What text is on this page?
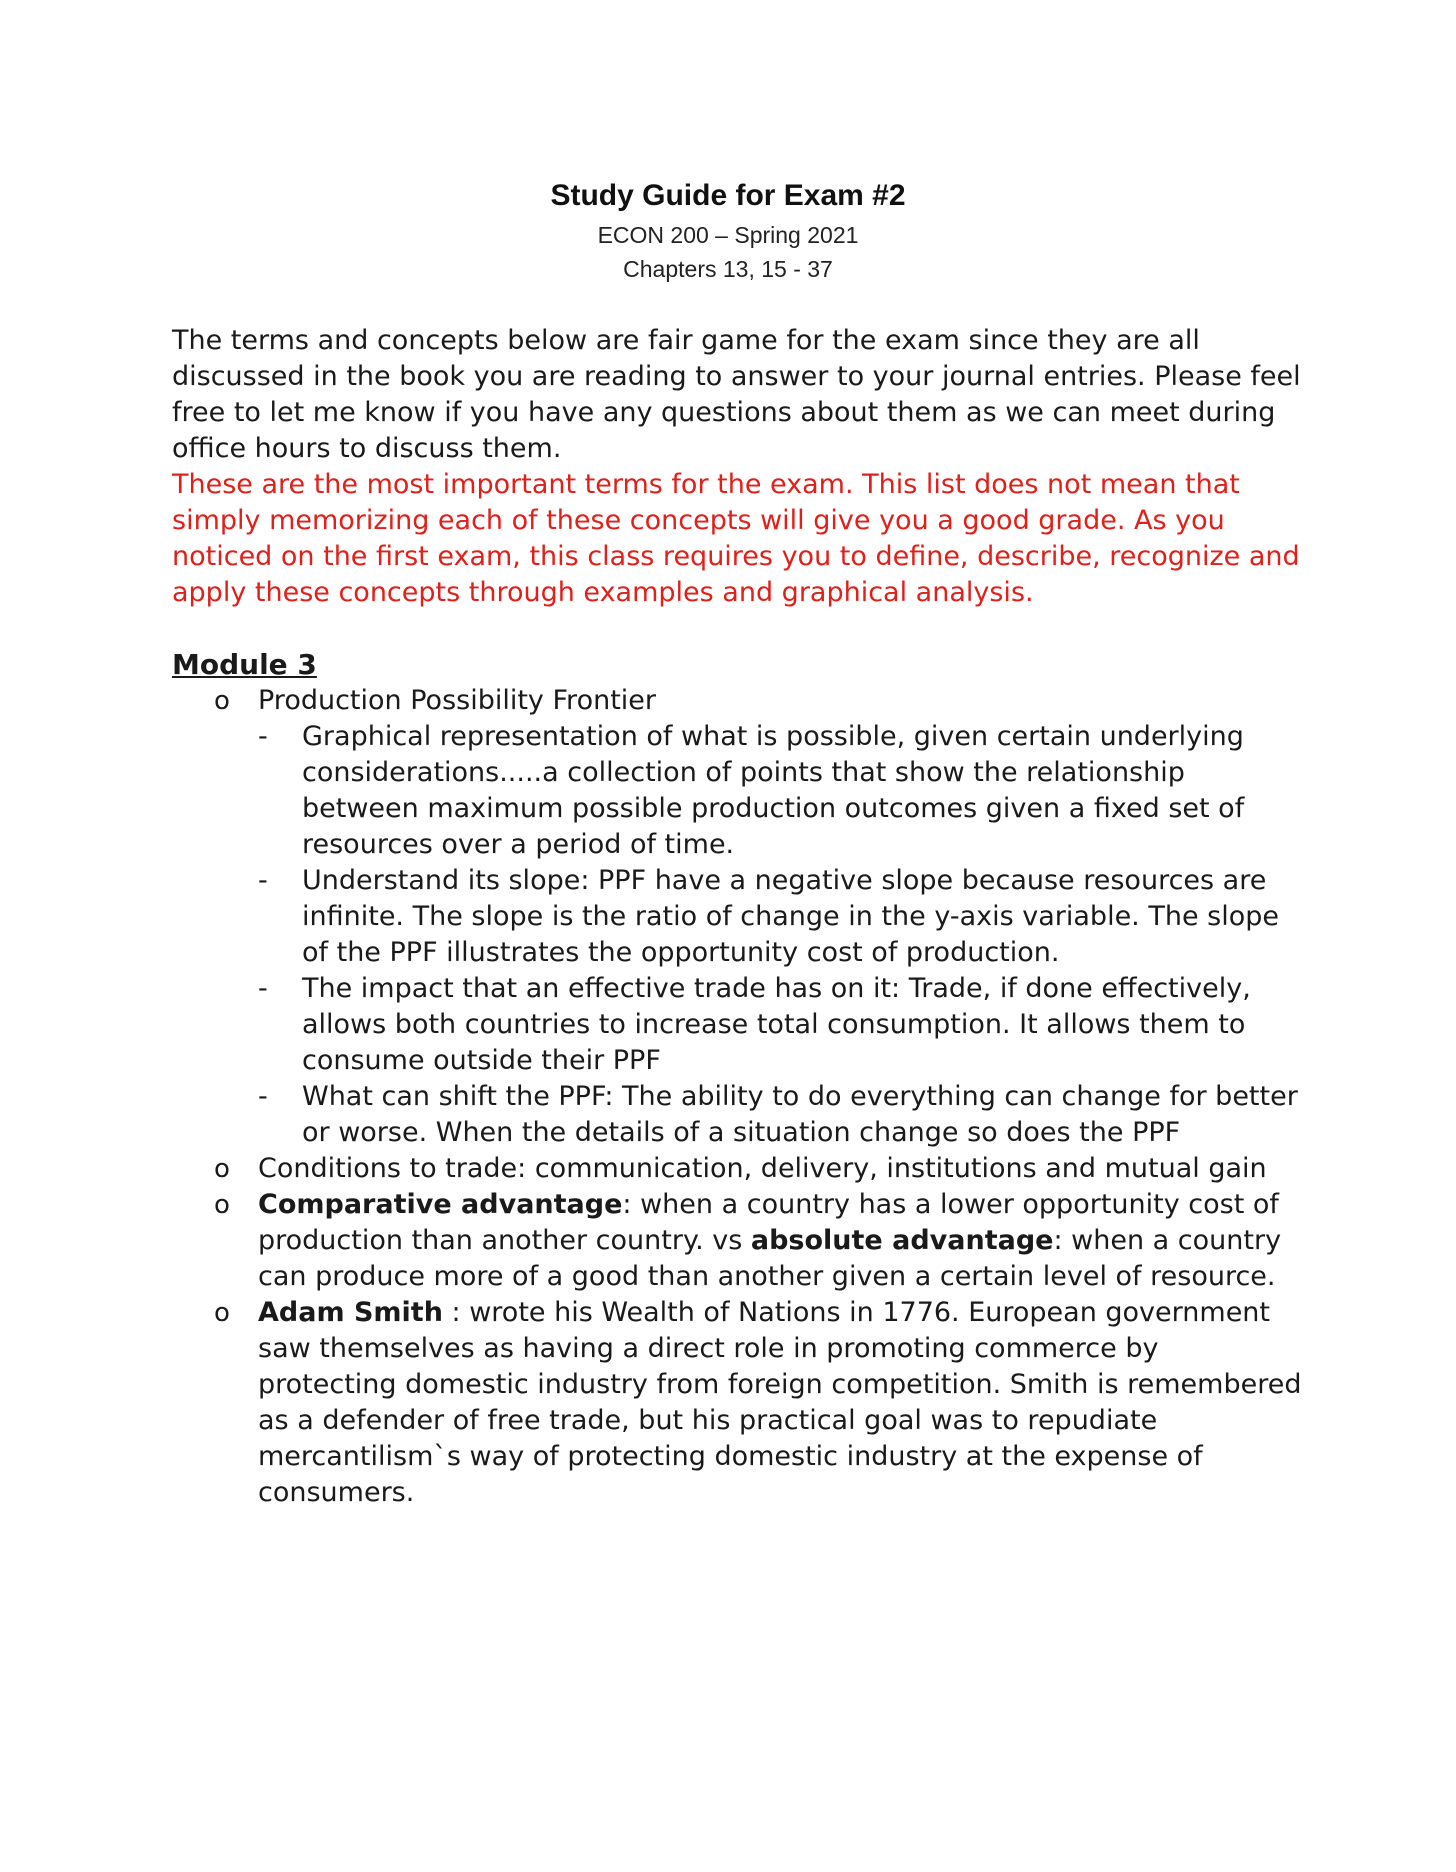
Study Guide for Exam #2
ECON 200 – Spring 2021
Chapters 13, 15 - 37

The terms and concepts below are fair game for the exam since they are all discussed in the book you are reading to answer to your journal entries. Please feel free to let me know if you have any questions about them as we can meet during office hours to discuss them.

These are the most important terms for the exam. This list does not mean that simply memorizing each of these concepts will give you a good grade. As you noticed on the first exam, this class requires you to define, describe, recognize and apply these concepts through examples and graphical analysis.

Module 3
o Production Possibility Frontier
- Graphical representation of what is possible, given certain underlying considerations.....a collection of points that show the relationship between maximum possible production outcomes given a fixed set of resources over a period of time.
- Understand its slope: PPF have a negative slope because resources are infinite. The slope is the ratio of change in the y-axis variable. The slope of the PPF illustrates the opportunity cost of production.
- The impact that an effective trade has on it: Trade, if done effectively, allows both countries to increase total consumption. It allows them to consume outside their PPF
- What can shift the PPF: The ability to do everything can change for better or worse. When the details of a situation change so does the PPF
o Conditions to trade: communication, delivery, institutions and mutual gain
o Comparative advantage: when a country has a lower opportunity cost of production than another country. vs absolute advantage: when a country can produce more of a good than another given a certain level of resource.
o Adam Smith : wrote his Wealth of Nations in 1776. European government saw themselves as having a direct role in promoting commerce by protecting domestic industry from foreign competition. Smith is remembered as a defender of free trade, but his practical goal was to repudiate mercantilism`s way of protecting domestic industry at the expense of consumers.
